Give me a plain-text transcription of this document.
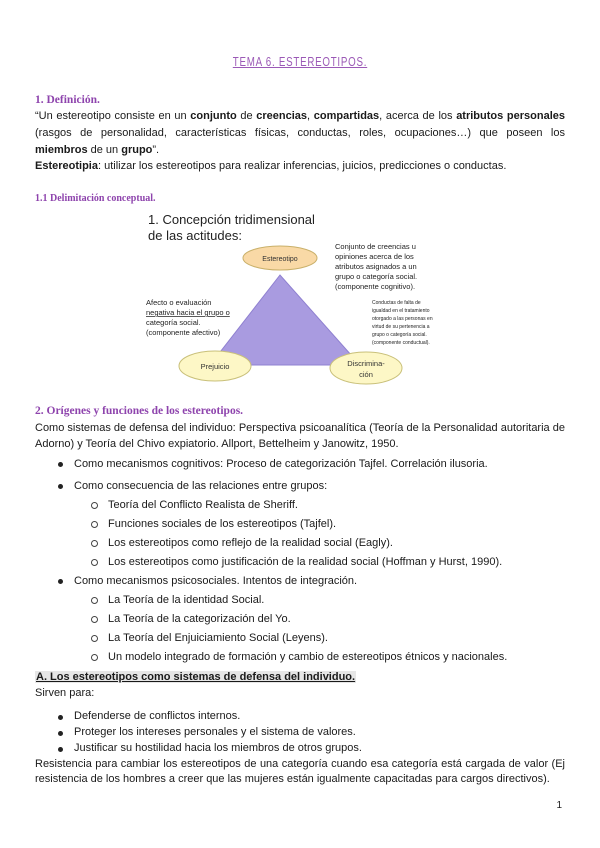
TEMA 6. ESTEREOTIPOS.
1. Definición.
“Un estereotipo consiste en un conjunto de creencias, compartidas, acerca de los atributos personales (rasgos de personalidad, características físicas, conductas, roles, ocupaciones…) que poseen los miembros de un grupo”.
Estereotipia: utilizar los estereotipos para realizar inferencias, juicios, predicciones o conductas.
1.1 Delimitación conceptual.
1. Concepción tridimensional
de las actitudes:
Estereotipo
Prejuicio	Discrimina-
ción
Conjunto de creencias u
opiniones acerca de los
atributos asignados a un
grupo o categoría social.
(componente cognitivo).
Afecto o evaluación
negativa hacia el grupo o
categoría social.
(componente afectivo)
Conductas de falta de
igualdad en el tratamiento
otorgado a las personas en
virtud de su pertenencia a
grupo o categoría social.
(componente conductual).
2. Orígenes y funciones de los estereotipos.
Como sistemas de defensa del individuo: Perspectiva psicoanalítica (Teoría de la Personalidad autoritaria de Adorno) y Teoría del Chivo expiatorio. Allport, Bettelheim y Janowitz, 1950.
Como mecanismos cognitivos: Proceso de categorización Tajfel. Correlación ilusoria.
Como consecuencia de las relaciones entre grupos:
Teoría del Conflicto Realista de Sheriff.
Funciones sociales de los estereotipos (Tajfel).
Los estereotipos como reflejo de la realidad social (Eagly).
Los estereotipos como justificación de la realidad social (Hoffman y Hurst, 1990).
Como mecanismos psicosociales. Intentos de integración.
La Teoría de la identidad Social.
La Teoría de la categorización del Yo.
La Teoría del Enjuiciamiento Social (Leyens).
Un modelo integrado de formación y cambio de estereotipos étnicos y nacionales.
A. Los estereotipos como sistemas de defensa del individuo.
Sirven para:
Defenderse de conflictos internos.
Proteger los intereses personales y el sistema de valores.
Justificar su hostilidad hacia los miembros de otros grupos.
Resistencia para cambiar los estereotipos de una categoría cuando esa categoría está cargada de valor (Ej resistencia de los hombres a creer que las mujeres están igualmente capacitadas para cargos directivos).
1
